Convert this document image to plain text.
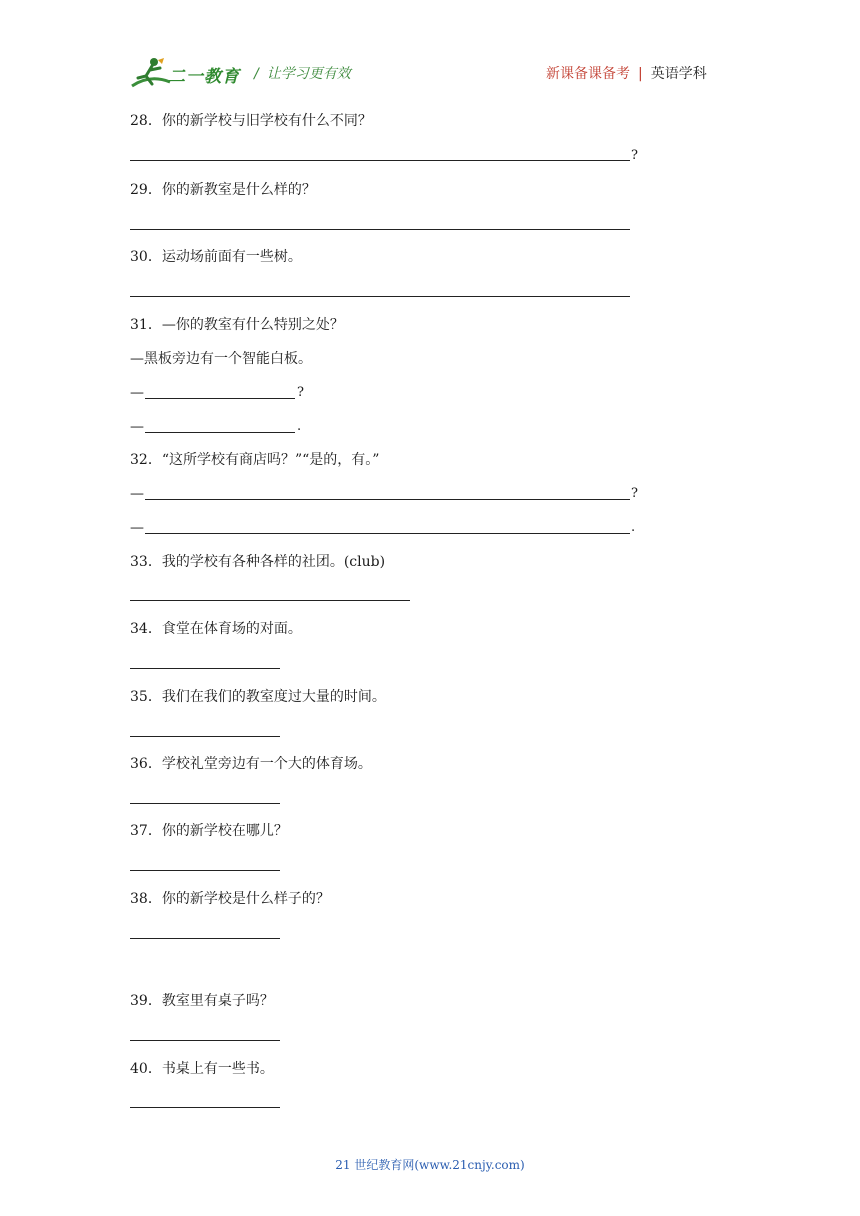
二一教育 / 让学习更有效	新课备课备考 | 英语学科
28．你的新学校与旧学校有什么不同？
?
29．你的新教室是什么样的？
30．运动场前面有一些树。
31．—你的教室有什么特别之处？
—黑板旁边有一个智能白板。
—	?
—	.
32．“这所学校有商店吗？”“是的，有。”
—	?
—	.
33．我的学校有各种各样的社团。(club)
34．食堂在体育场的对面。
35．我们在我们的教室度过大量的时间。
36．学校礼堂旁边有一个大的体育场。
37．你的新学校在哪儿？
38．你的新学校是什么样子的？
39．教室里有桌子吗？
40．书桌上有一些书。
21 世纪教育网(www.21cnjy.com)
